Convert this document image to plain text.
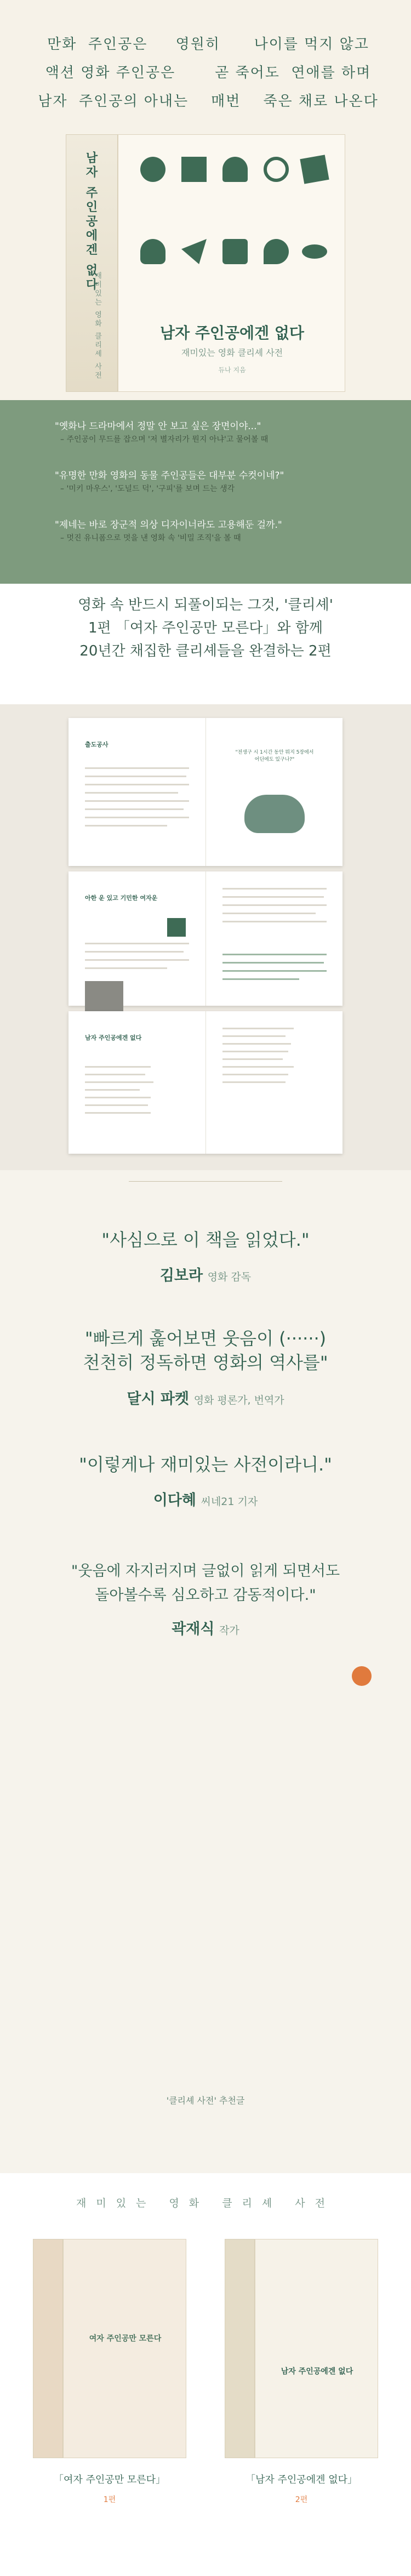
만화  주인공은     영원히      나이를 먹지 않고
액션 영화 주인공은       곧 죽어도  연애를 하며
남자  주인공의 아내는    매번    죽은 채로 나온다
남자 주인공에겐 없다
재미있는 영화 클리셰 사전	남자 주인공에겐 없다
재미있는 영화 클리셰 사전
듀나 지음
"옛화나 드라마에서 정말 안 보고 싶은 장면이야..."
– 주인공이 무드를 잡으며 '저 별자리가 뭔지 아냐'고 물어볼 때
"유명한 만화 영화의 동물 주인공들은 대부분 수컷이네?"
– '미키 마우스', '도널드 덕', '구피'를 보며 드는 생각
"제네는 바로 장군적 의상 디자이너라도 고용해둔 걸까."
– 멋진 유니폼으로 멋을 낸 영화 속 '비밀 조직'을 볼 때
영화 속 반드시 되풀이되는 그것, '클리셰'
1편 「여자 주인공만 모른다」와 함께
20년간 채집한 클리셰들을 완결하는 2편
출도공사
"전생구 시 1시간 동안 뭐지 5장에서 어딘에도 있구나?"
아한 운 있고 기민한 여자운
남자 주인공에겐 없다
'클리셰 사전' 추천글
"사심으로 이 책을 읽었다."
김보라 영화 감독
"빠르게 훑어보면 웃음이 (······)
천천히 정독하면 영화의 역사를"
달시 파켓 영화 평론가, 번역가
"이렇게나 재미있는 사전이라니."
이다혜 씨네21 기자
"웃음에 자지러지며 글없이 읽게 되면서도
돌아볼수록 심오하고 감동적이다."
곽재식 작가
재미있는 영화 클리셰 사전
여자 주인공만 모른다
「여자 주인공만 모른다」
1편
남자 주인공에겐 없다
「남자 주인공에겐 없다」
2편
